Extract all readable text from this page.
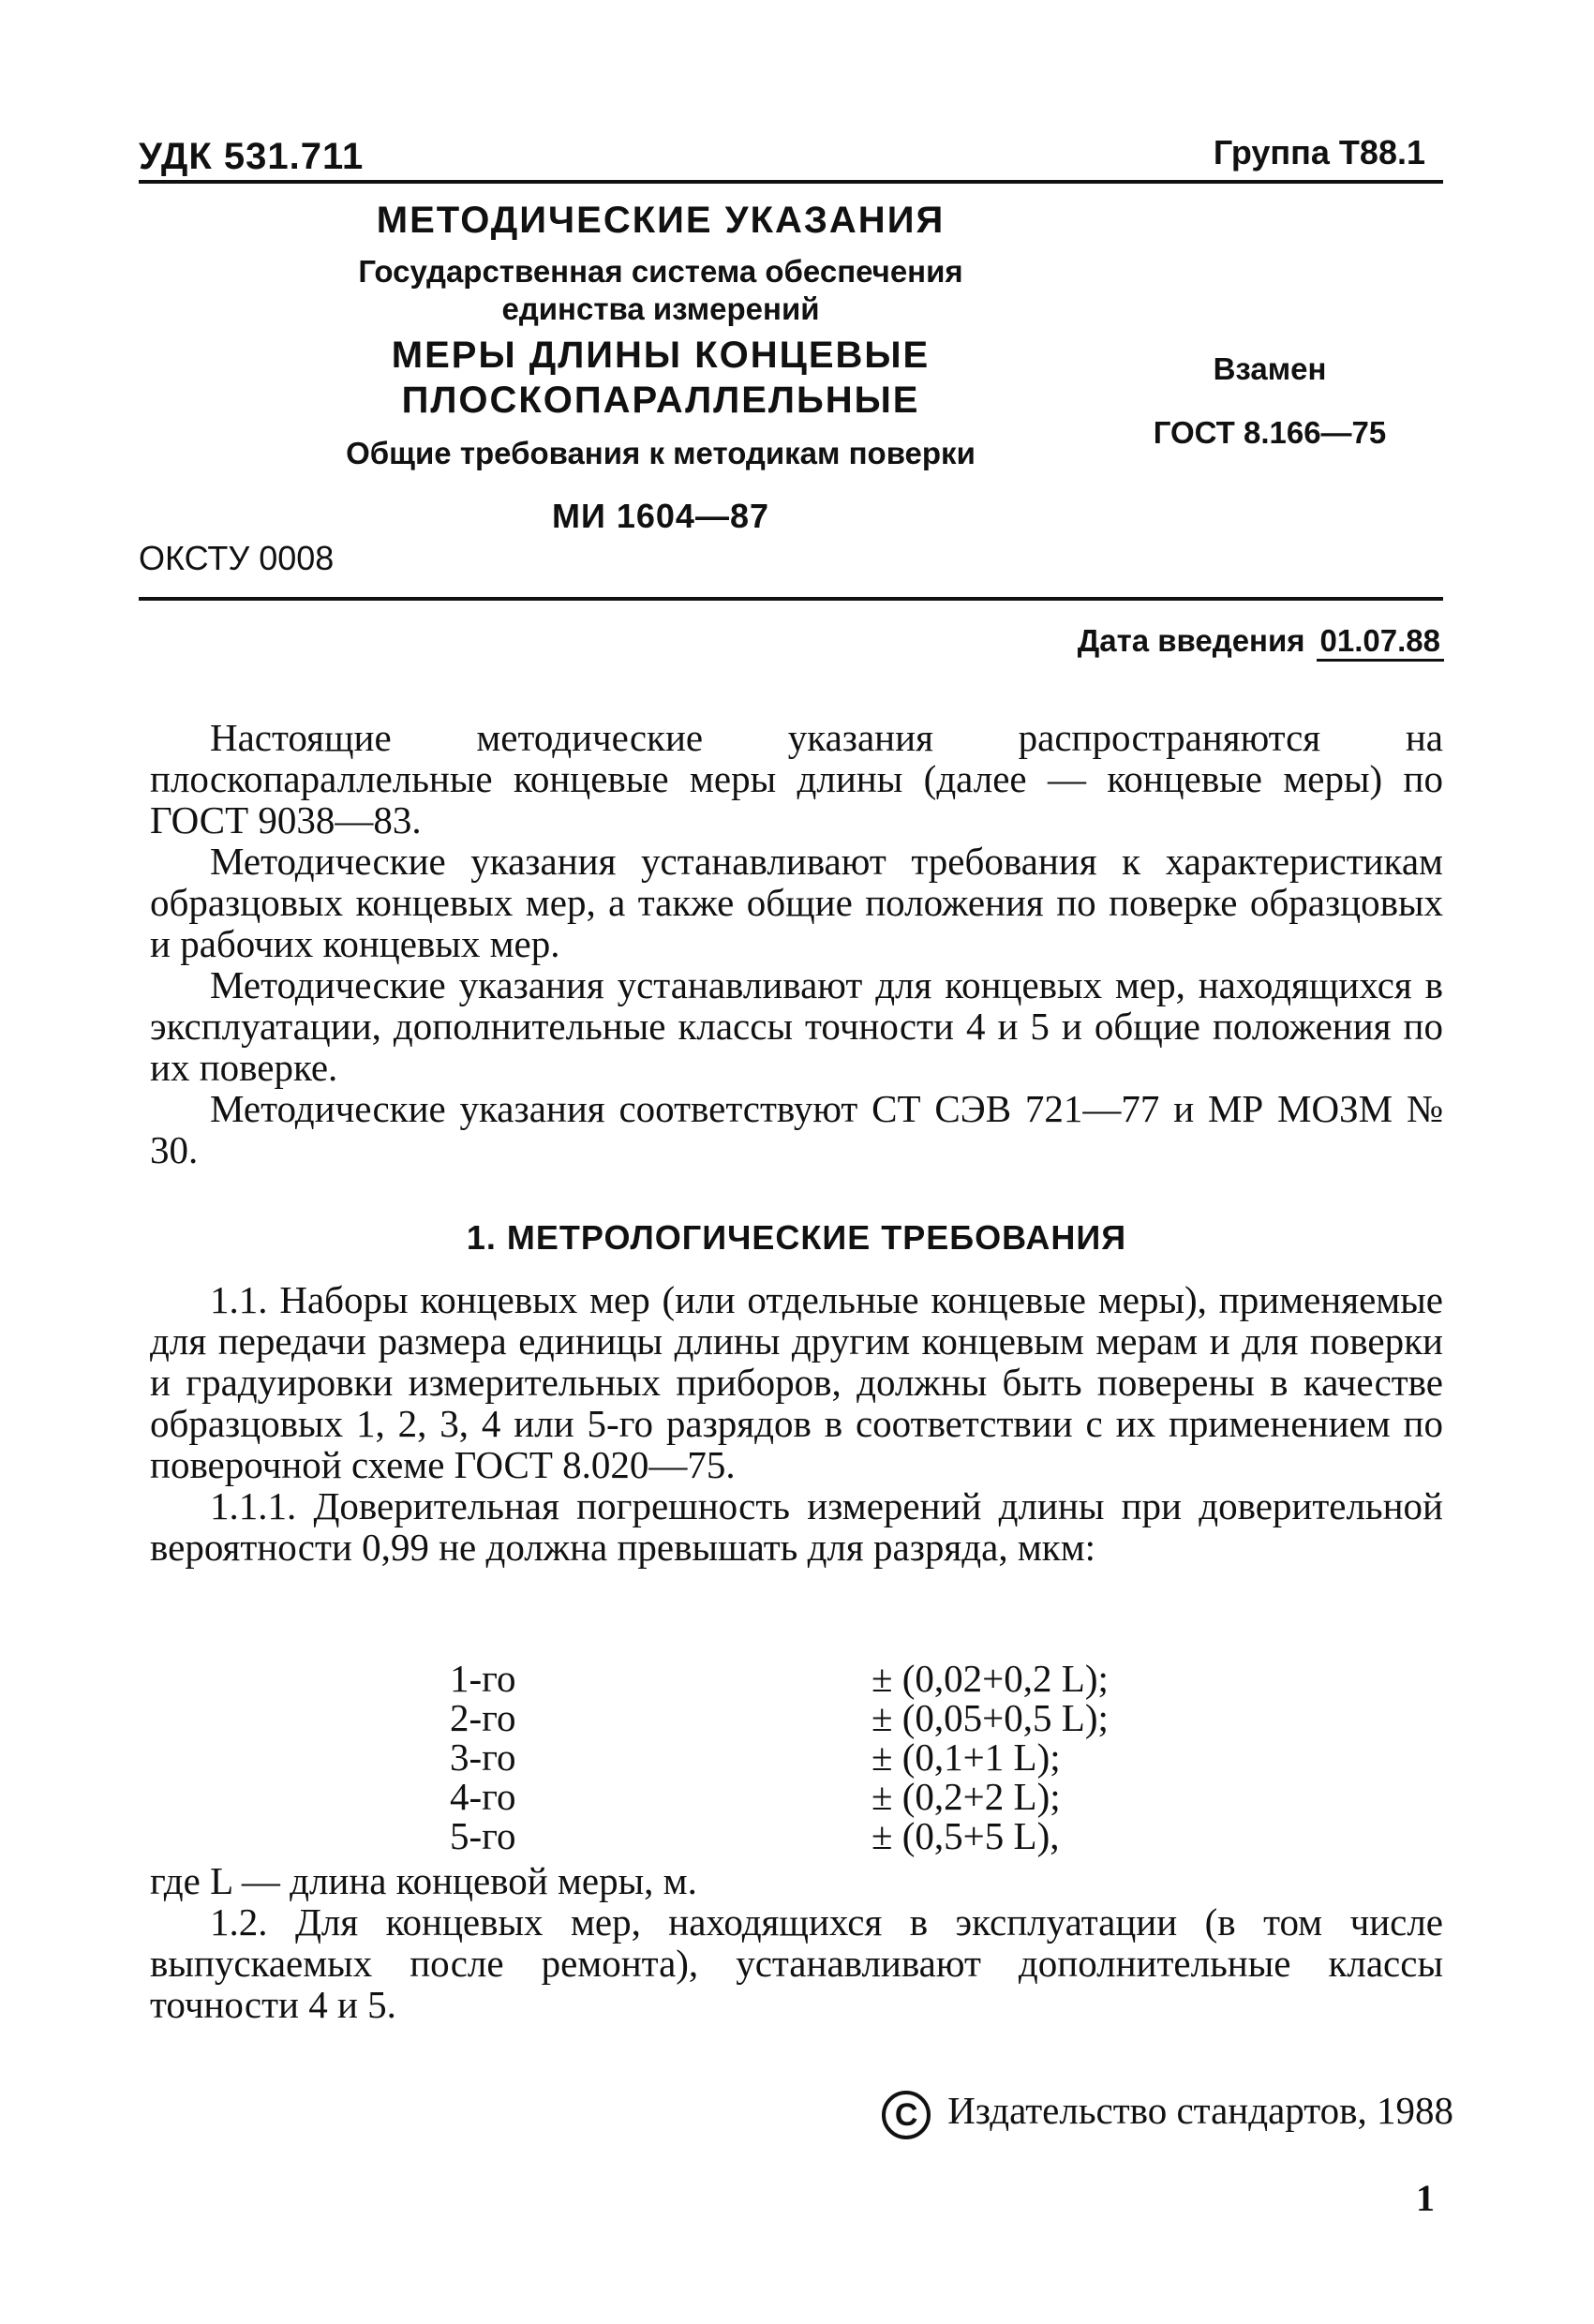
УДК 531.711	Группа Т88.1
МЕТОДИЧЕСКИЕ УКАЗАНИЯ
Государственная система обеспечения
единства измерений
МЕРЫ ДЛИНЫ КОНЦЕВЫЕ
ПЛОСКОПАРАЛЛЕЛЬНЫЕ
Общие требования к методикам поверки
МИ 1604—87
Взамен
ГОСТ 8.166—75
ОКСТУ 0008
Дата введения 01.07.88

Настоящие методические указания распространяются на плоскопараллельные концевые меры длины (далее — концевые меры) по ГОСТ 9038—83.

Методические указания устанавливают требования к характеристикам образцовых концевых мер, а также общие положения по поверке образцовых и рабочих концевых мер.

Методические указания устанавливают для концевых мер, находящихся в эксплуатации, дополнительные классы точности 4 и 5 и общие положения по их поверке.

Методические указания соответствуют СТ СЭВ 721—77 и МР МОЗМ № 30.

1. МЕТРОЛОГИЧЕСКИЕ ТРЕБОВАНИЯ

1.1. Наборы концевых мер (или отдельные концевые меры), применяемые для передачи размера единицы длины другим концевым мерам и для поверки и градуировки измерительных приборов, должны быть поверены в качестве образцовых 1, 2, 3, 4 или 5-го разрядов в соответствии с их применением по поверочной схеме ГОСТ 8.020—75.

1.1.1. Доверительная погрешность измерений длины при доверительной вероятности 0,99 не должна превышать для разряда, мкм:

1-го	± (0,02+0,2 L);
2-го	± (0,05+0,5 L);
3-го	± (0,1+1 L);
4-го	± (0,2+2 L);
5-го	± (0,5+5 L),

где L — длина концевой меры, м.

1.2. Для концевых мер, находящихся в эксплуатации (в том числе выпускаемых после ремонта), устанавливают дополнительные классы точности 4 и 5.

C Издательство стандартов, 1988
1
